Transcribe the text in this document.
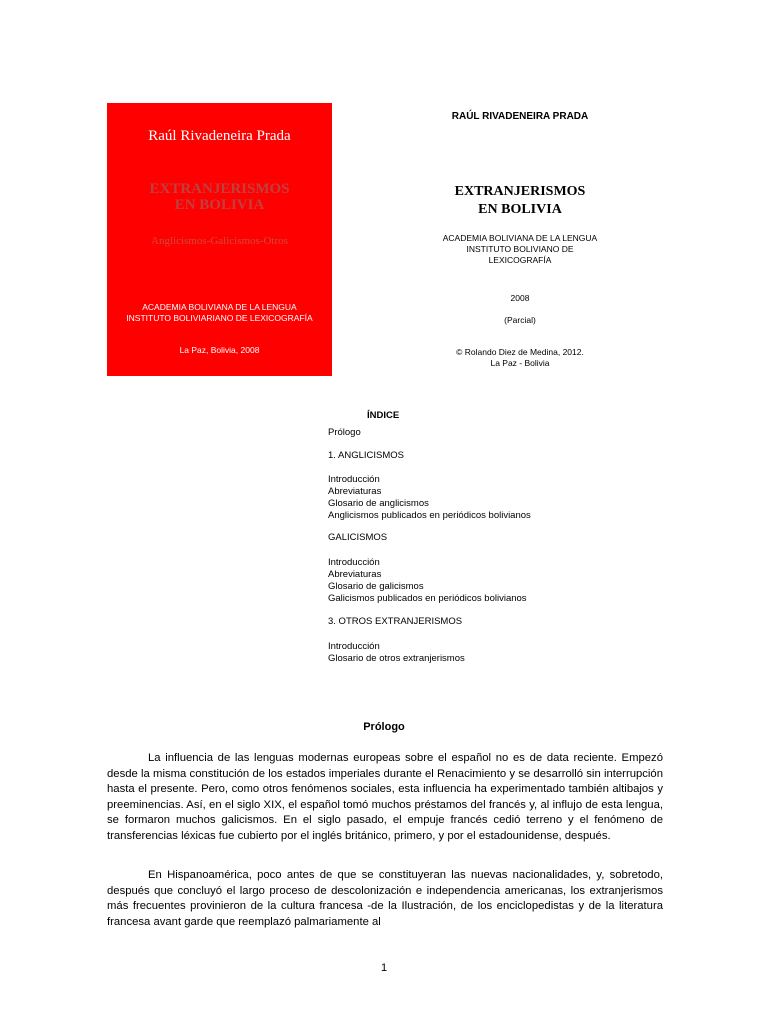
Raúl Rivadeneira Prada
EXTRANJERISMOS
EN BOLIVIA
Anglicismos-Galicismos-Otros
ACADEMIA BOLIVIANA DE LA LENGUA
INSTITUTO BOLIVIARIANO DE LEXICOGRAFÍA
La Paz, Bolivia, 2008
RAÚL RIVADENEIRA PRADA
EXTRANJERISMOS
EN BOLIVIA
ACADEMIA BOLIVIANA DE LA LENGUA
INSTITUTO BOLIVIANO DE
LEXICOGRAFÍA
2008
(Parcial)
© Rolando Diez de Medina, 2012.
La Paz - Bolivia
ÍNDICE
Prólogo
1. ANGLICISMOS
Introducción
Abreviaturas
Glosario de anglicismos
Anglicismos publicados en periódicos bolivianos
GALICISMOS
Introducción
Abreviaturas
Glosario de galicismos
Galicismos publicados en periódicos bolivianos
3. OTROS EXTRANJERISMOS
Introducción
Glosario de otros extranjerismos
Prólogo
La influencia de las lenguas modernas europeas sobre el español no es de data reciente. Empezó desde la misma constitución de los estados imperiales durante el Renacimiento y se desarrolló sin interrupción hasta el presente. Pero, como otros fenómenos sociales, esta influencia ha experimentado también altibajos y preeminencias. Así, en el siglo XIX, el español tomó muchos préstamos del francés y, al influjo de esta lengua, se formaron muchos galicismos. En el siglo pasado, el empuje francés cedió terreno y el fenómeno de transferencias léxicas fue cubierto por el inglés británico, primero, y por el estadounidense, después.
En Hispanoamérica, poco antes de que se constituyeran las nuevas nacionalidades, y, sobretodo, después que concluyó el largo proceso de descolonización e independencia americanas, los extranjerismos más frecuentes provinieron de la cultura francesa -de la Ilustración, de los enciclopedistas y de la literatura francesa avant garde que reemplazó palmariamente al
1
